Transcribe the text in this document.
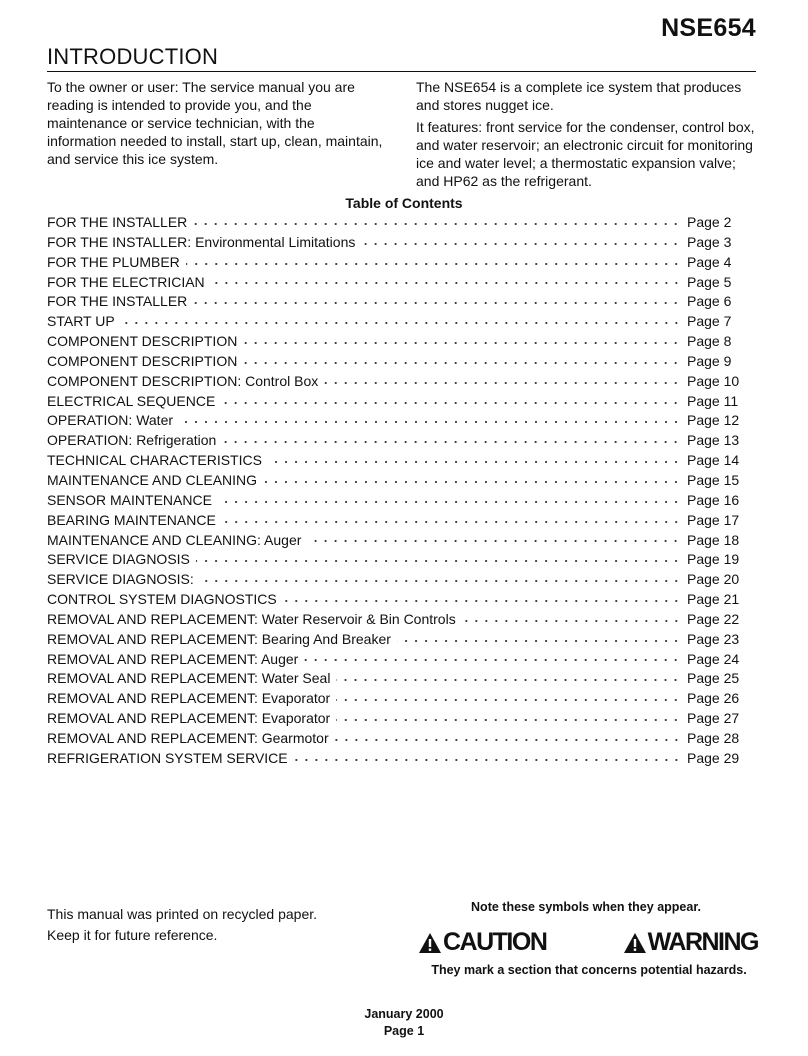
NSE654
INTRODUCTION

To the owner or user: The service manual you are reading is intended to provide you, and the maintenance or service technician, with the information needed to install, start up, clean, maintain, and service this ice system.

The NSE654 is a complete ice system that produces and stores nugget ice.

It features: front service for the condenser, control box, and water reservoir; an electronic circuit for monitoring ice and water level; a thermostatic expansion valve; and HP62 as the refrigerant.

Table of Contents
FOR THE INSTALLER	Page 2
FOR THE INSTALLER: Environmental Limitations	Page 3
FOR THE PLUMBER	Page 4
FOR THE ELECTRICIAN	Page 5
FOR THE INSTALLER	Page 6
START UP	Page 7
COMPONENT DESCRIPTION	Page 8
COMPONENT DESCRIPTION	Page 9
COMPONENT DESCRIPTION: Control Box	Page 10
ELECTRICAL SEQUENCE	Page 11
OPERATION: Water	Page 12
OPERATION: Refrigeration	Page 13
TECHNICAL CHARACTERISTICS	Page 14
MAINTENANCE AND CLEANING	Page 15
SENSOR MAINTENANCE	Page 16
BEARING MAINTENANCE	Page 17
MAINTENANCE AND CLEANING: Auger	Page 18
SERVICE DIAGNOSIS	Page 19
SERVICE DIAGNOSIS:	Page 20
CONTROL SYSTEM DIAGNOSTICS	Page 21
REMOVAL AND REPLACEMENT: Water Reservoir & Bin Controls	Page 22
REMOVAL AND REPLACEMENT: Bearing And Breaker	Page 23
REMOVAL AND REPLACEMENT: Auger	Page 24
REMOVAL AND REPLACEMENT: Water Seal	Page 25
REMOVAL AND REPLACEMENT: Evaporator	Page 26
REMOVAL AND REPLACEMENT: Evaporator	Page 27
REMOVAL AND REPLACEMENT: Gearmotor	Page 28
REFRIGERATION SYSTEM SERVICE	Page 29

This manual was printed on recycled paper.

Keep it for future reference.

Note these symbols when they appear.
CAUTION	WARNING
They mark a section that concerns potential hazards.
January 2000
Page 1
